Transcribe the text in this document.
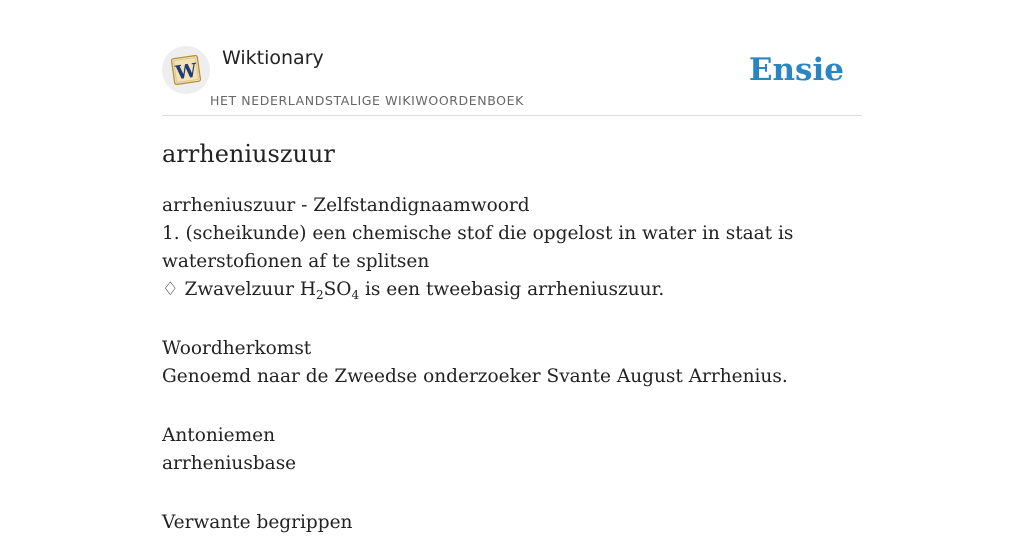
W
Wiktionary
HET NEDERLANDSTALIGE WIKIWOORDENBOEK
Ensie
arrheniuszuur

arrheniuszuur - Zelfstandignaamwoord

1. (scheikunde) een chemische stof die opgelost in water in staat is waterstofionen af te splitsen

♢ Zwavelzuur $H_2SO_4$ is een tweebasig arrheniuszuur.

Woordherkomst

Genoemd naar de Zweedse onderzoeker Svante August Arrhenius.

Antoniemen

arrheniusbase

Verwante begrippen
